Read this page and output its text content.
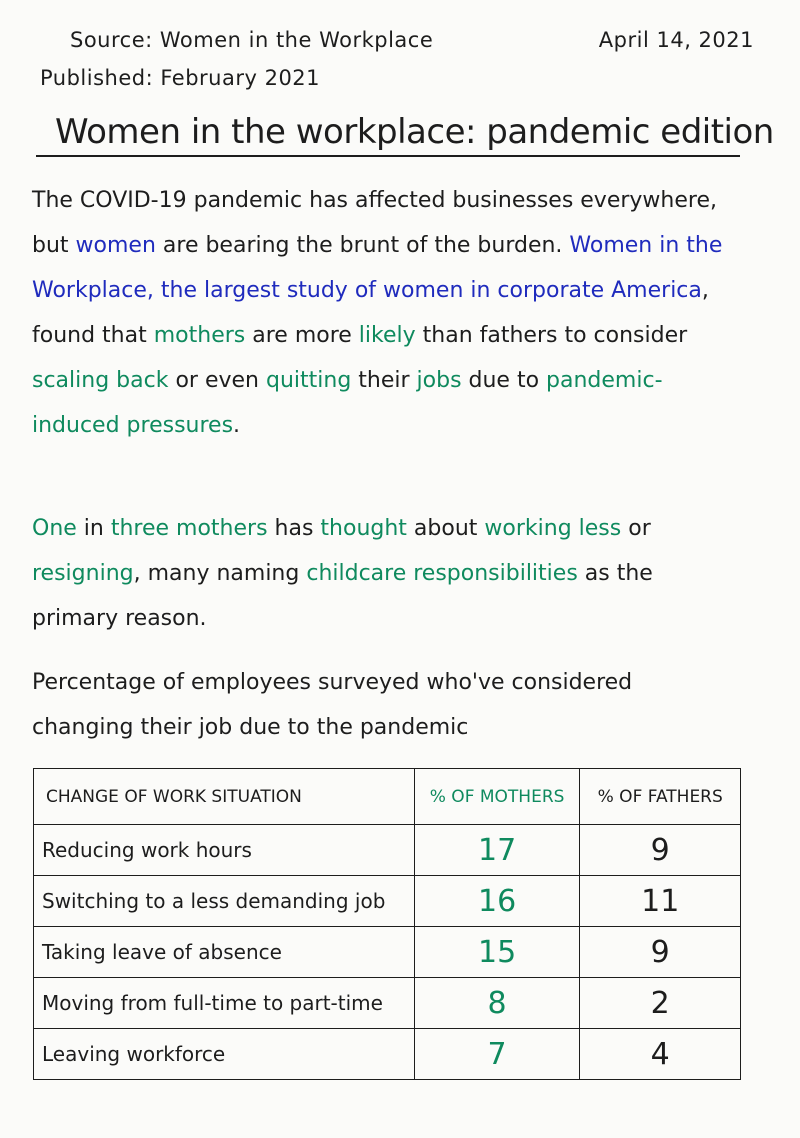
Source: Women in the Workplace
Published: February 2021
April 14, 2021
Women in the workplace: pandemic edition
The COVID-19 pandemic has affected businesses everywhere, but women are bearing the brunt of the burden. Women in the Workplace, the largest study of women in corporate America, found that mothers are more likely than fathers to consider scaling back or even quitting their jobs due to pandemic-induced pressures.
One in three mothers has thought about working less or resigning, many naming childcare responsibilities as the primary reason.
Percentage of employees surveyed who've considered changing their job due to the pandemic
CHANGE OF WORK SITUATION	% OF MOTHERS	% OF FATHERS
Reducing work hours	17	9
Switching to a less demanding job	16	11
Taking leave of absence	15	9
Moving from full-time to part-time	8	2
Leaving workforce	7	4
